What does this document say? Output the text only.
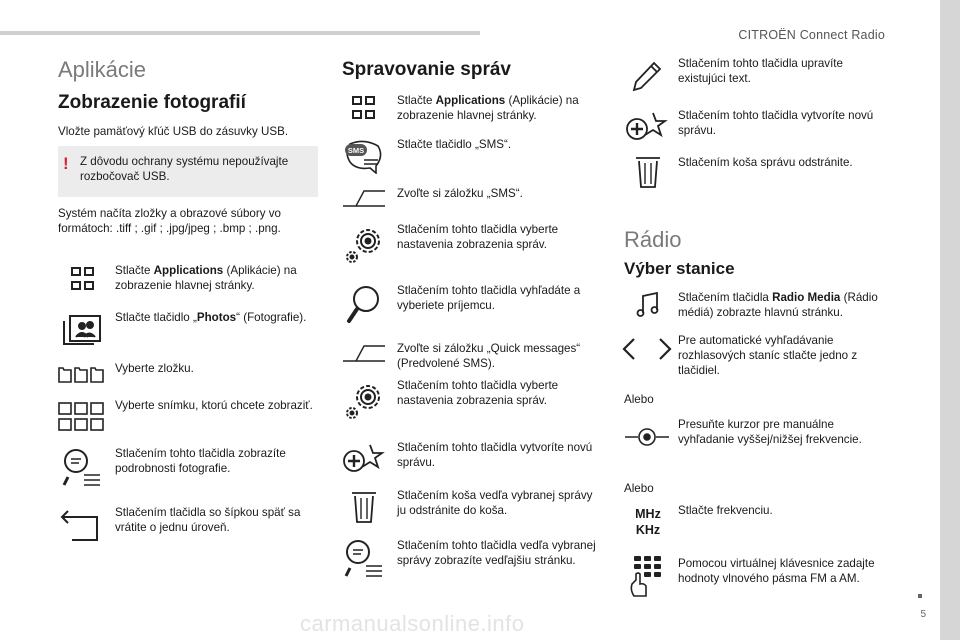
CITROËN Connect Radio
5
carmanualsonline.info
Aplikácie
Zobrazenie fotografií
Vložte pamäťový kľúč USB do zásuvky USB.
! Z dôvodu ochrany systému nepoužívajte rozbočovač USB.
Systém načíta zložky a obrazové súbory vo formátoch: .tiff ; .gif ; .jpg/jpeg ; .bmp ; .png.
Stlačte Applications (Aplikácie) na zobrazenie hlavnej stránky.
Stlačte tlačidlo „Photos“ (Fotografie).
Vyberte zložku.
Vyberte snímku, ktorú chcete zobraziť.
Stlačením tohto tlačidla zobrazíte podrobnosti fotografie.
Stlačením tlačidla so šípkou späť sa vrátite o jednu úroveň.
Spravovanie správ
Stlačte Applications (Aplikácie) na zobrazenie hlavnej stránky.
SMS	Stlačte tlačidlo „SMS“.
Zvoľte si záložku „SMS“.
Stlačením tohto tlačidla vyberte nastavenia zobrazenia správ.
Stlačením tohto tlačidla vyhľadáte a vyberiete príjemcu.
Zvoľte si záložku „Quick messages“ (Predvolené SMS).
Stlačením tohto tlačidla vyberte nastavenia zobrazenia správ.
Stlačením tohto tlačidla vytvoríte novú správu.
Stlačením koša vedľa vybranej správy ju odstránite do koša.
Stlačením tohto tlačidla vedľa vybranej správy zobrazíte vedľajšiu stránku.
Stlačením tohto tlačidla upravíte existujúci text.
Stlačením tohto tlačidla vytvoríte novú správu.
Stlačením koša správu odstránite.
Rádio
Výber stanice
Stlačením tlačidla Radio Media (Rádio médiá) zobrazte hlavnú stránku.
Pre automatické vyhľadávanie rozhlasových staníc stlačte jedno z tlačidiel.
Alebo
Presuňte kurzor pre manuálne vyhľadanie vyššej/nižšej frekvencie.
Alebo
MHz
KHz
Stlačte frekvenciu.
Pomocou virtuálnej klávesnice zadajte hodnoty vlnového pásma FM a AM.
